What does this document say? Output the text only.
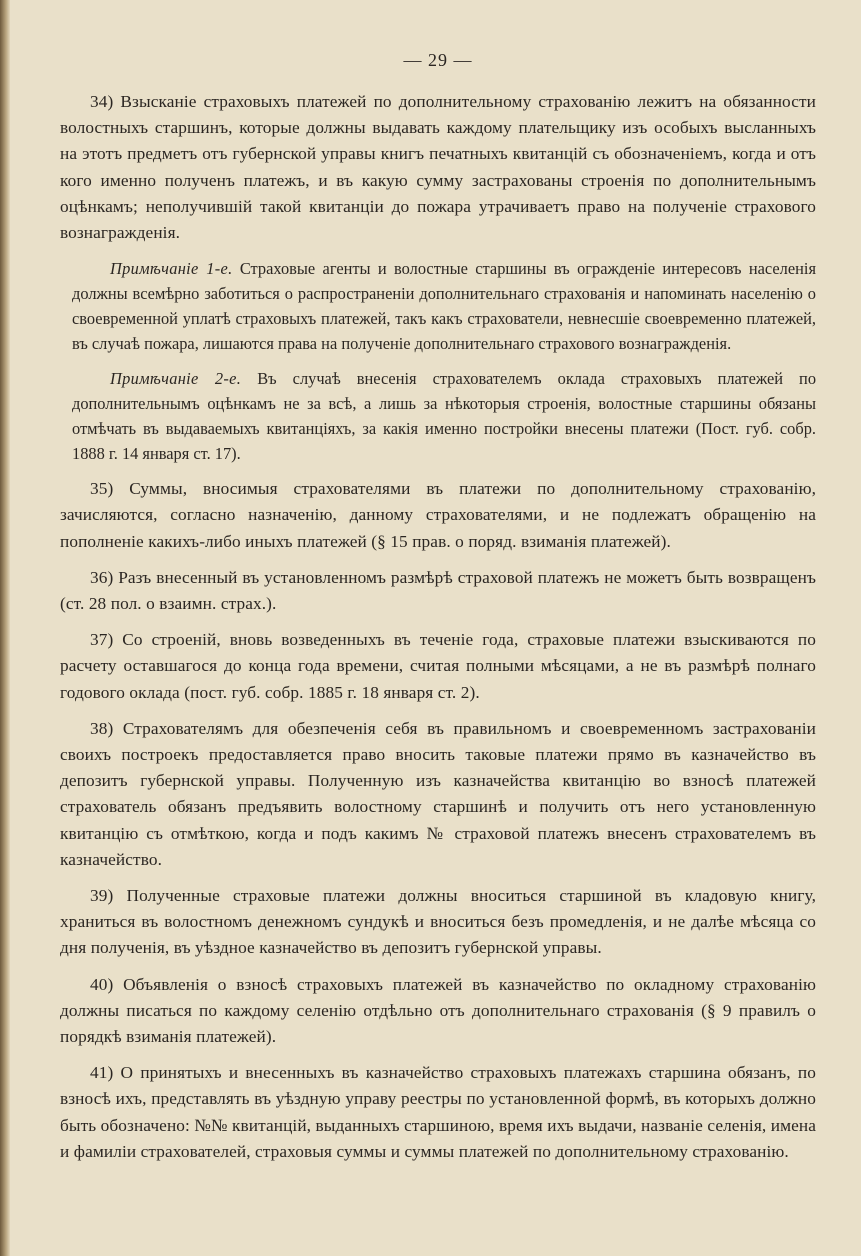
— 29 —

34) Взысканіе страховыхъ платежей по дополнительному страхованію лежитъ на обязанности волостныхъ старшинъ, которые должны выдавать каждому плательщику изъ особыхъ высланныхъ на этотъ предметъ отъ губернской управы книгъ печатныхъ квитанцій съ обозначеніемъ, когда и отъ кого именно полученъ платежъ, и въ какую сумму застрахованы строенія по дополнительнымъ оцѣнкамъ; неполучившій такой квитанціи до пожара утрачиваетъ право на полученіе страхового вознагражденія.

Примѣчаніе 1-е. Страховые агенты и волостные старшины въ огражденіе интересовъ населенія должны всемѣрно заботиться о распространеніи дополнительнаго страхованія и напоминать населенію о своевременной уплатѣ страховыхъ платежей, такъ какъ страхователи, невнесшіе своевременно платежей, въ случаѣ пожара, лишаются права на полученіе дополнительнаго страхового вознагражденія.

Примѣчаніе 2-е. Въ случаѣ внесенія страхователемъ оклада страховыхъ платежей по дополнительнымъ оцѣнкамъ не за всѣ, а лишь за нѣкоторыя строенія, волостные старшины обязаны отмѣчать въ выдаваемыхъ квитанціяхъ, за какія именно постройки внесены платежи (Пост. губ. собр. 1888 г. 14 января ст. 17).

35) Суммы, вносимыя страхователями въ платежи по дополнительному страхованію, зачисляются, согласно назначенію, данному страхователями, и не подлежатъ обращенію на пополненіе какихъ-либо иныхъ платежей (§ 15 прав. о поряд. взиманія платежей).

36) Разъ внесенный въ установленномъ размѣрѣ страховой платежъ не можетъ быть возвращенъ (ст. 28 пол. о взаимн. страх.).

37) Со строеній, вновь возведенныхъ въ теченіе года, страховые платежи взыскиваются по расчету оставшагося до конца года времени, считая полными мѣсяцами, а не въ размѣрѣ полнаго годового оклада (пост. губ. собр. 1885 г. 18 января ст. 2).

38) Страхователямъ для обезпеченія себя въ правильномъ и своевременномъ застрахованіи своихъ построекъ предоставляется право вносить таковые платежи прямо въ казначейство въ депозитъ губернской управы. Полученную изъ казначейства квитанцію во взносѣ платежей страхователь обязанъ предъявить волостному старшинѣ и получить отъ него установленную квитанцію съ отмѣткою, когда и подъ какимъ № страховой платежъ внесенъ страхователемъ въ казначейство.

39) Полученные страховые платежи должны вноситься старшиной въ кладовую книгу, храниться въ волостномъ денежномъ сундукѣ и вноситься безъ промедленія, и не далѣе мѣсяца со дня полученія, въ уѣздное казначейство въ депозитъ губернской управы.

40) Объявленія о взносѣ страховыхъ платежей въ казначейство по окладному страхованію должны писаться по каждому селенію отдѣльно отъ дополнительнаго страхованія (§ 9 правилъ о порядкѣ взиманія платежей).

41) О принятыхъ и внесенныхъ въ казначейство страховыхъ платежахъ старшина обязанъ, по взносѣ ихъ, представлять въ уѣздную управу реестры по установленной формѣ, въ которыхъ должно быть обозначено: №№ квитанцій, выданныхъ старшиною, время ихъ выдачи, названіе селенія, имена и фамиліи страхователей, страховыя суммы и суммы платежей по дополнительному страхованію.
